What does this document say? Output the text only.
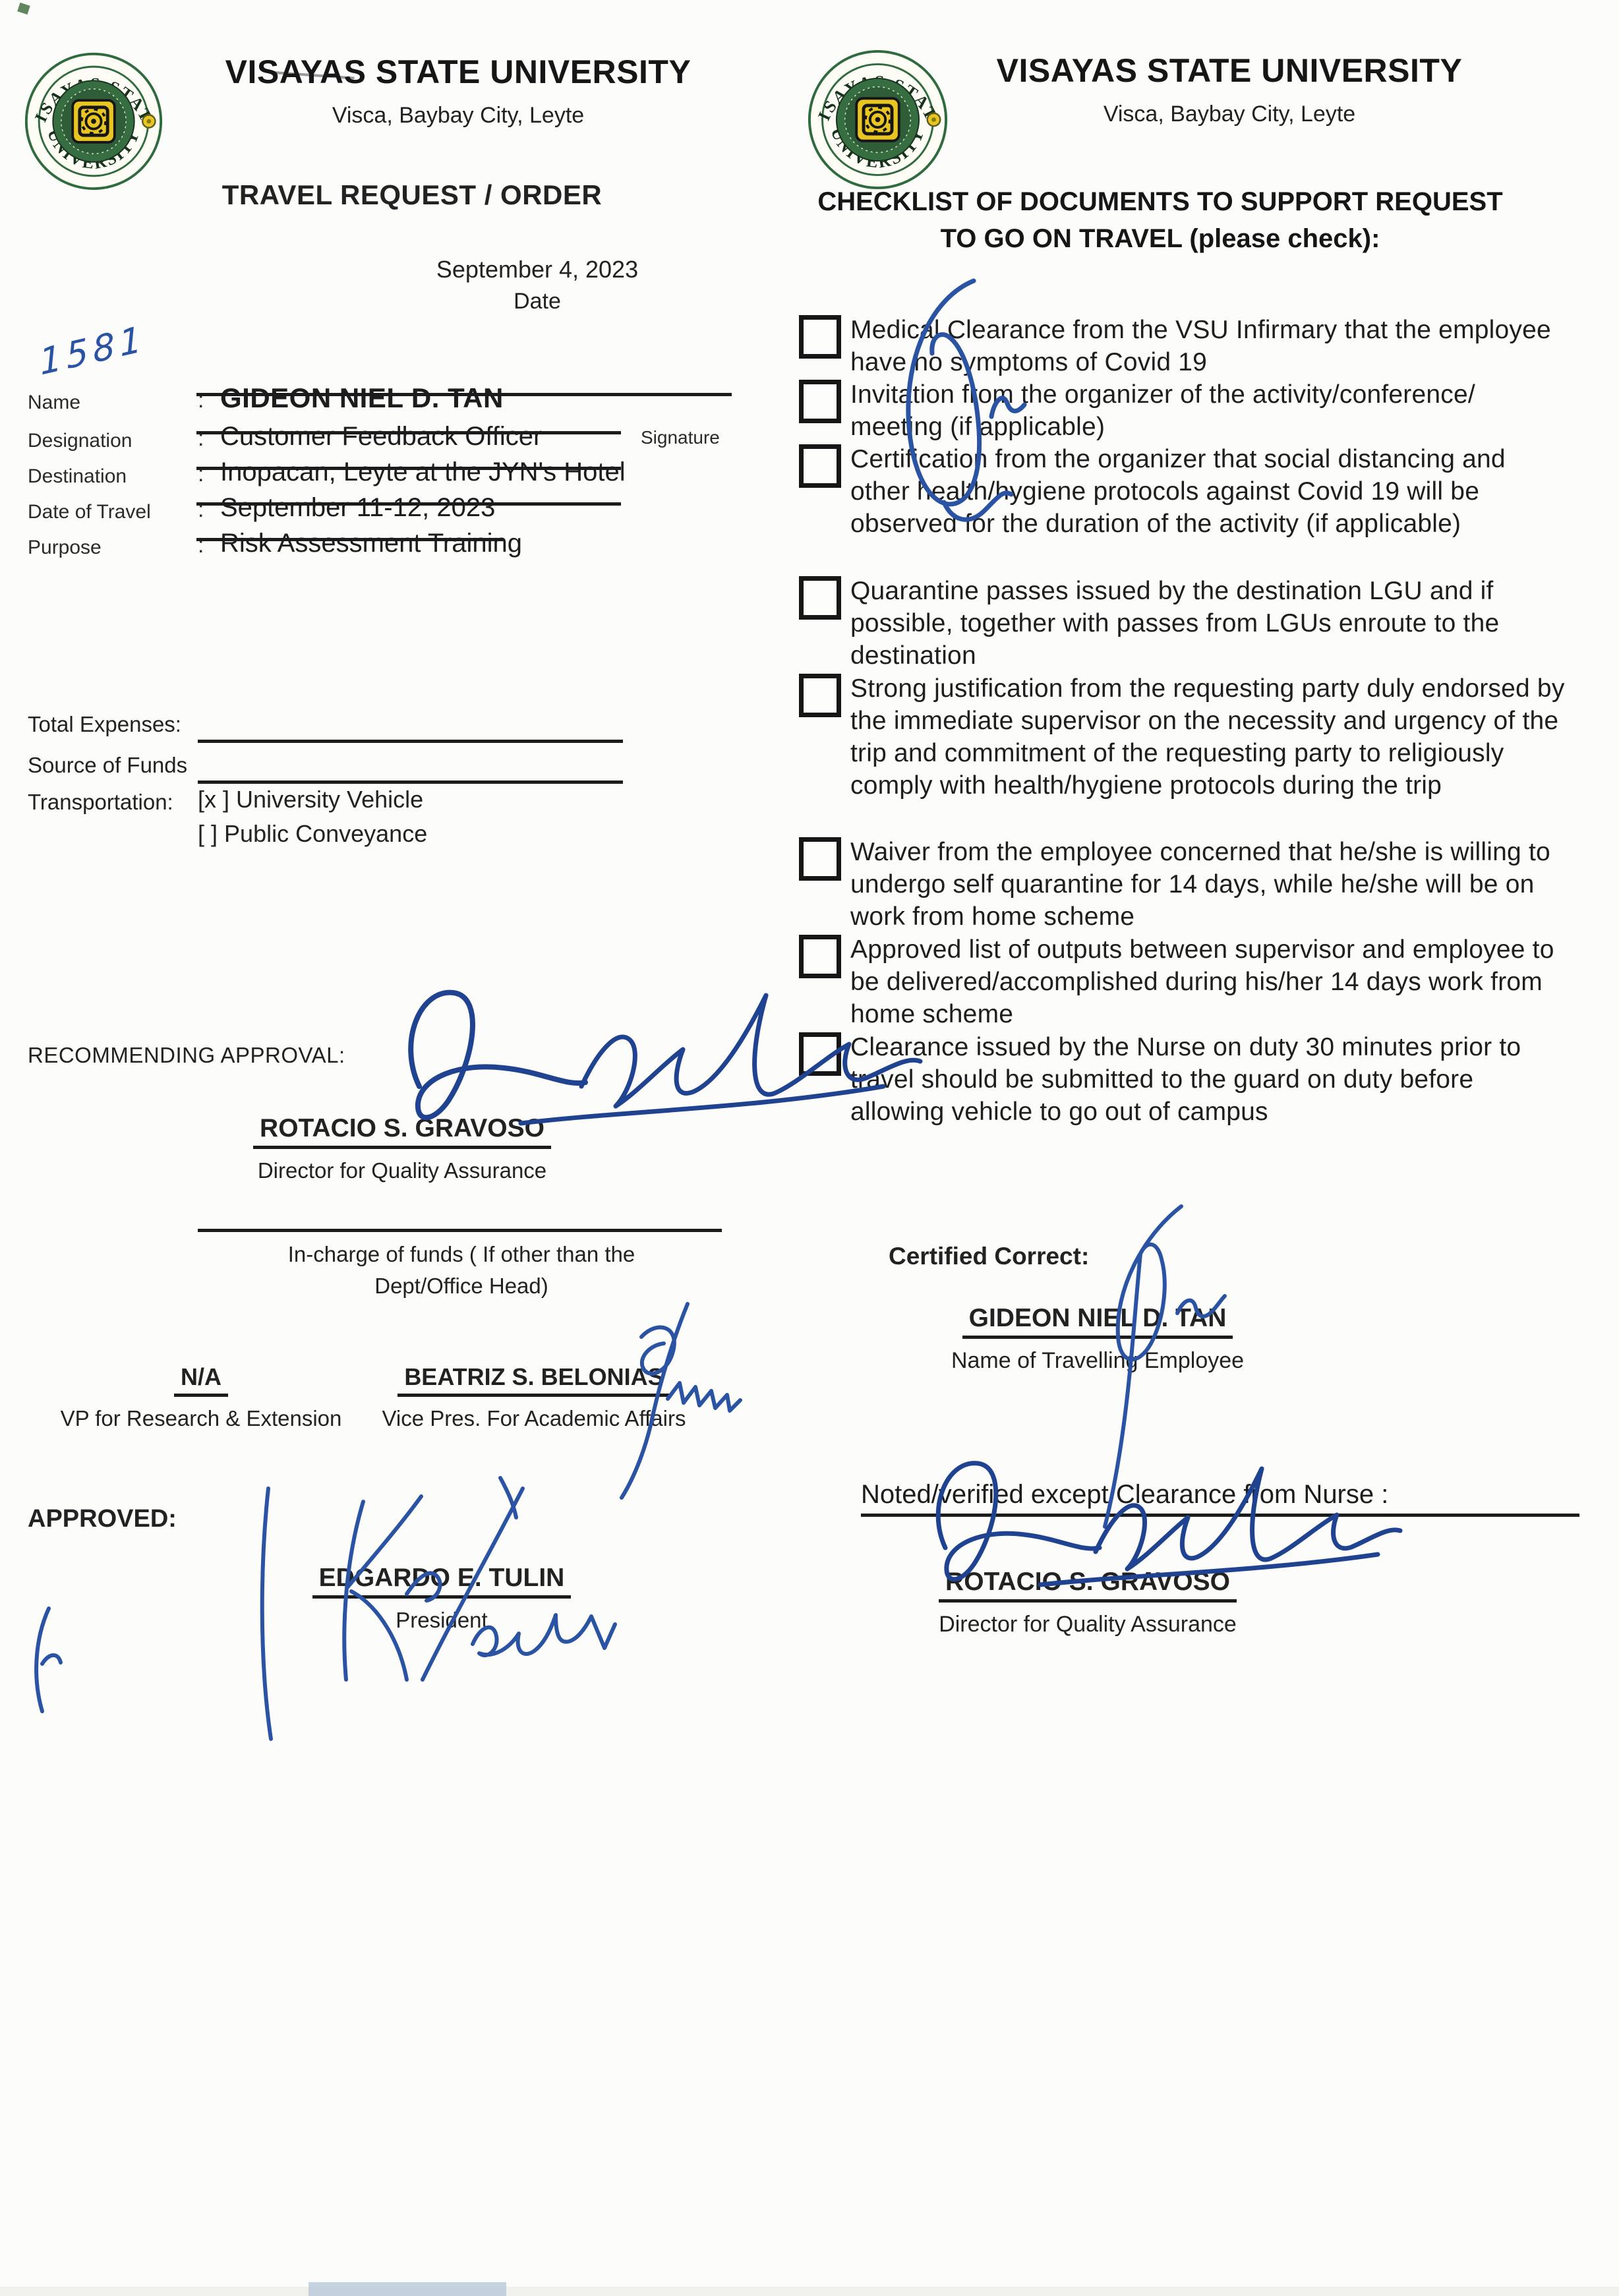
VISAYAS STATE UNIVERSITY
Visca, Baybay City, Leyte
TRAVEL REQUEST / ORDER
September 4, 2023
Date
1581
Name	: GIDEON NIEL D. TAN
Designation	: Customer Feedback Officer
Destination	: Inopacan, Leyte at the JYN's Hotel
Date of Travel : September 11-12, 2023
Purpose	: Risk Assessment Training
Signature
Total Expenses:
Source of Funds
Transportation: [x ] University Vehicle
[ ] Public Conveyance
RECOMMENDING APPROVAL:
ROTACIO S. GRAVOSO
Director for Quality Assurance
In-charge of funds ( If other than the
Dept/Office Head)
N/A
VP for Research & Extension
BEATRIZ S. BELONIAS
Vice Pres. For Academic Affairs
APPROVED:
EDGARDO E. TULIN
President
VISAYAS STATE UNIVERSITY
Visca, Baybay City, Leyte
CHECKLIST OF DOCUMENTS TO SUPPORT REQUEST
TO GO ON TRAVEL (please check):
Medical Clearance from the VSU Infirmary that the employee have no symptoms of Covid 19
Invitation from the organizer of the activity/conference/ meeting (if applicable)
Certification from the organizer that social distancing and other health/hygiene protocols against Covid 19 will be observed for the duration of the activity (if applicable)
Quarantine passes issued by the destination LGU and if possible, together with passes from LGUs enroute to the destination
Strong justification from the requesting party duly endorsed by the immediate supervisor on the necessity and urgency of the trip and commitment of the requesting party to religiously comply with health/hygiene protocols during the trip
Waiver from the employee concerned that he/she is willing to undergo self quarantine for 14 days, while he/she will be on work from home scheme
Approved list of outputs between supervisor and employee to be delivered/accomplished during his/her 14 days work from home scheme
Clearance issued by the Nurse on duty 30 minutes prior to travel should be submitted to the guard on duty before allowing vehicle to go out of campus
Certified Correct:
GIDEON NIEL D. TAN
Name of Travelling Employee
Noted/verified except Clearance from Nurse :
ROTACIO S. GRAVOSO
Director for Quality Assurance
